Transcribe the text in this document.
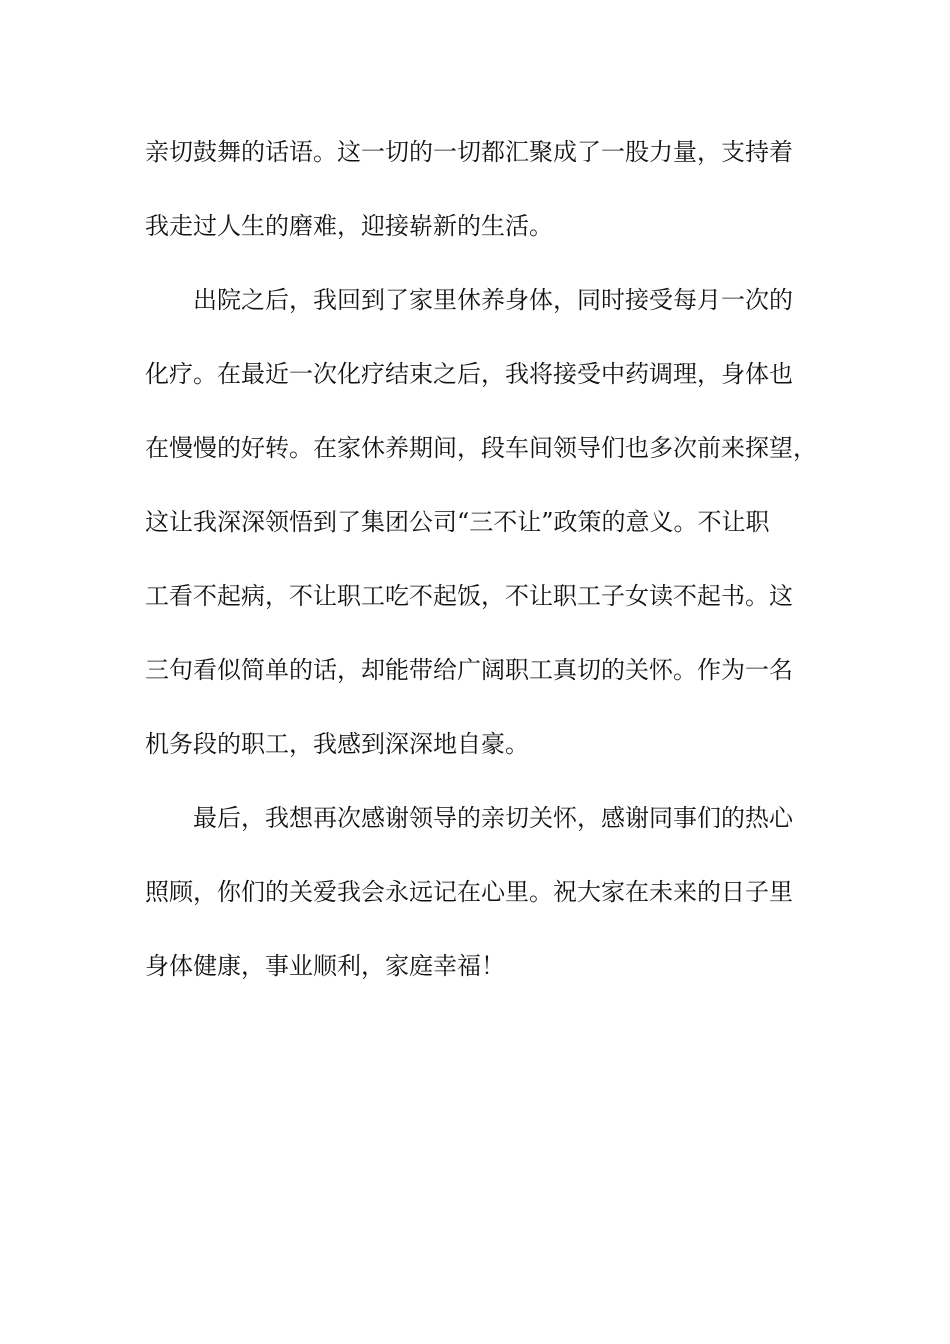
亲切鼓舞的话语。这一切的一切都汇聚成了一股力量，支持着
我走过人生的磨难，迎接崭新的生活。
出院之后，我回到了家里休养身体，同时接受每月一次的
化疗。在最近一次化疗结束之后，我将接受中药调理，身体也
在慢慢的好转。在家休养期间，段车间领导们也多次前来探望，
这让我深深领悟到了集团公司“三不让”政策的意义。不让职
工看不起病，不让职工吃不起饭，不让职工子女读不起书。这
三句看似简单的话，却能带给广阔职工真切的关怀。作为一名
机务段的职工，我感到深深地自豪。
最后，我想再次感谢领导的亲切关怀，感谢同事们的热心
照顾，你们的关爱我会永远记在心里。祝大家在未来的日子里
身体健康，事业顺利，家庭幸福！
